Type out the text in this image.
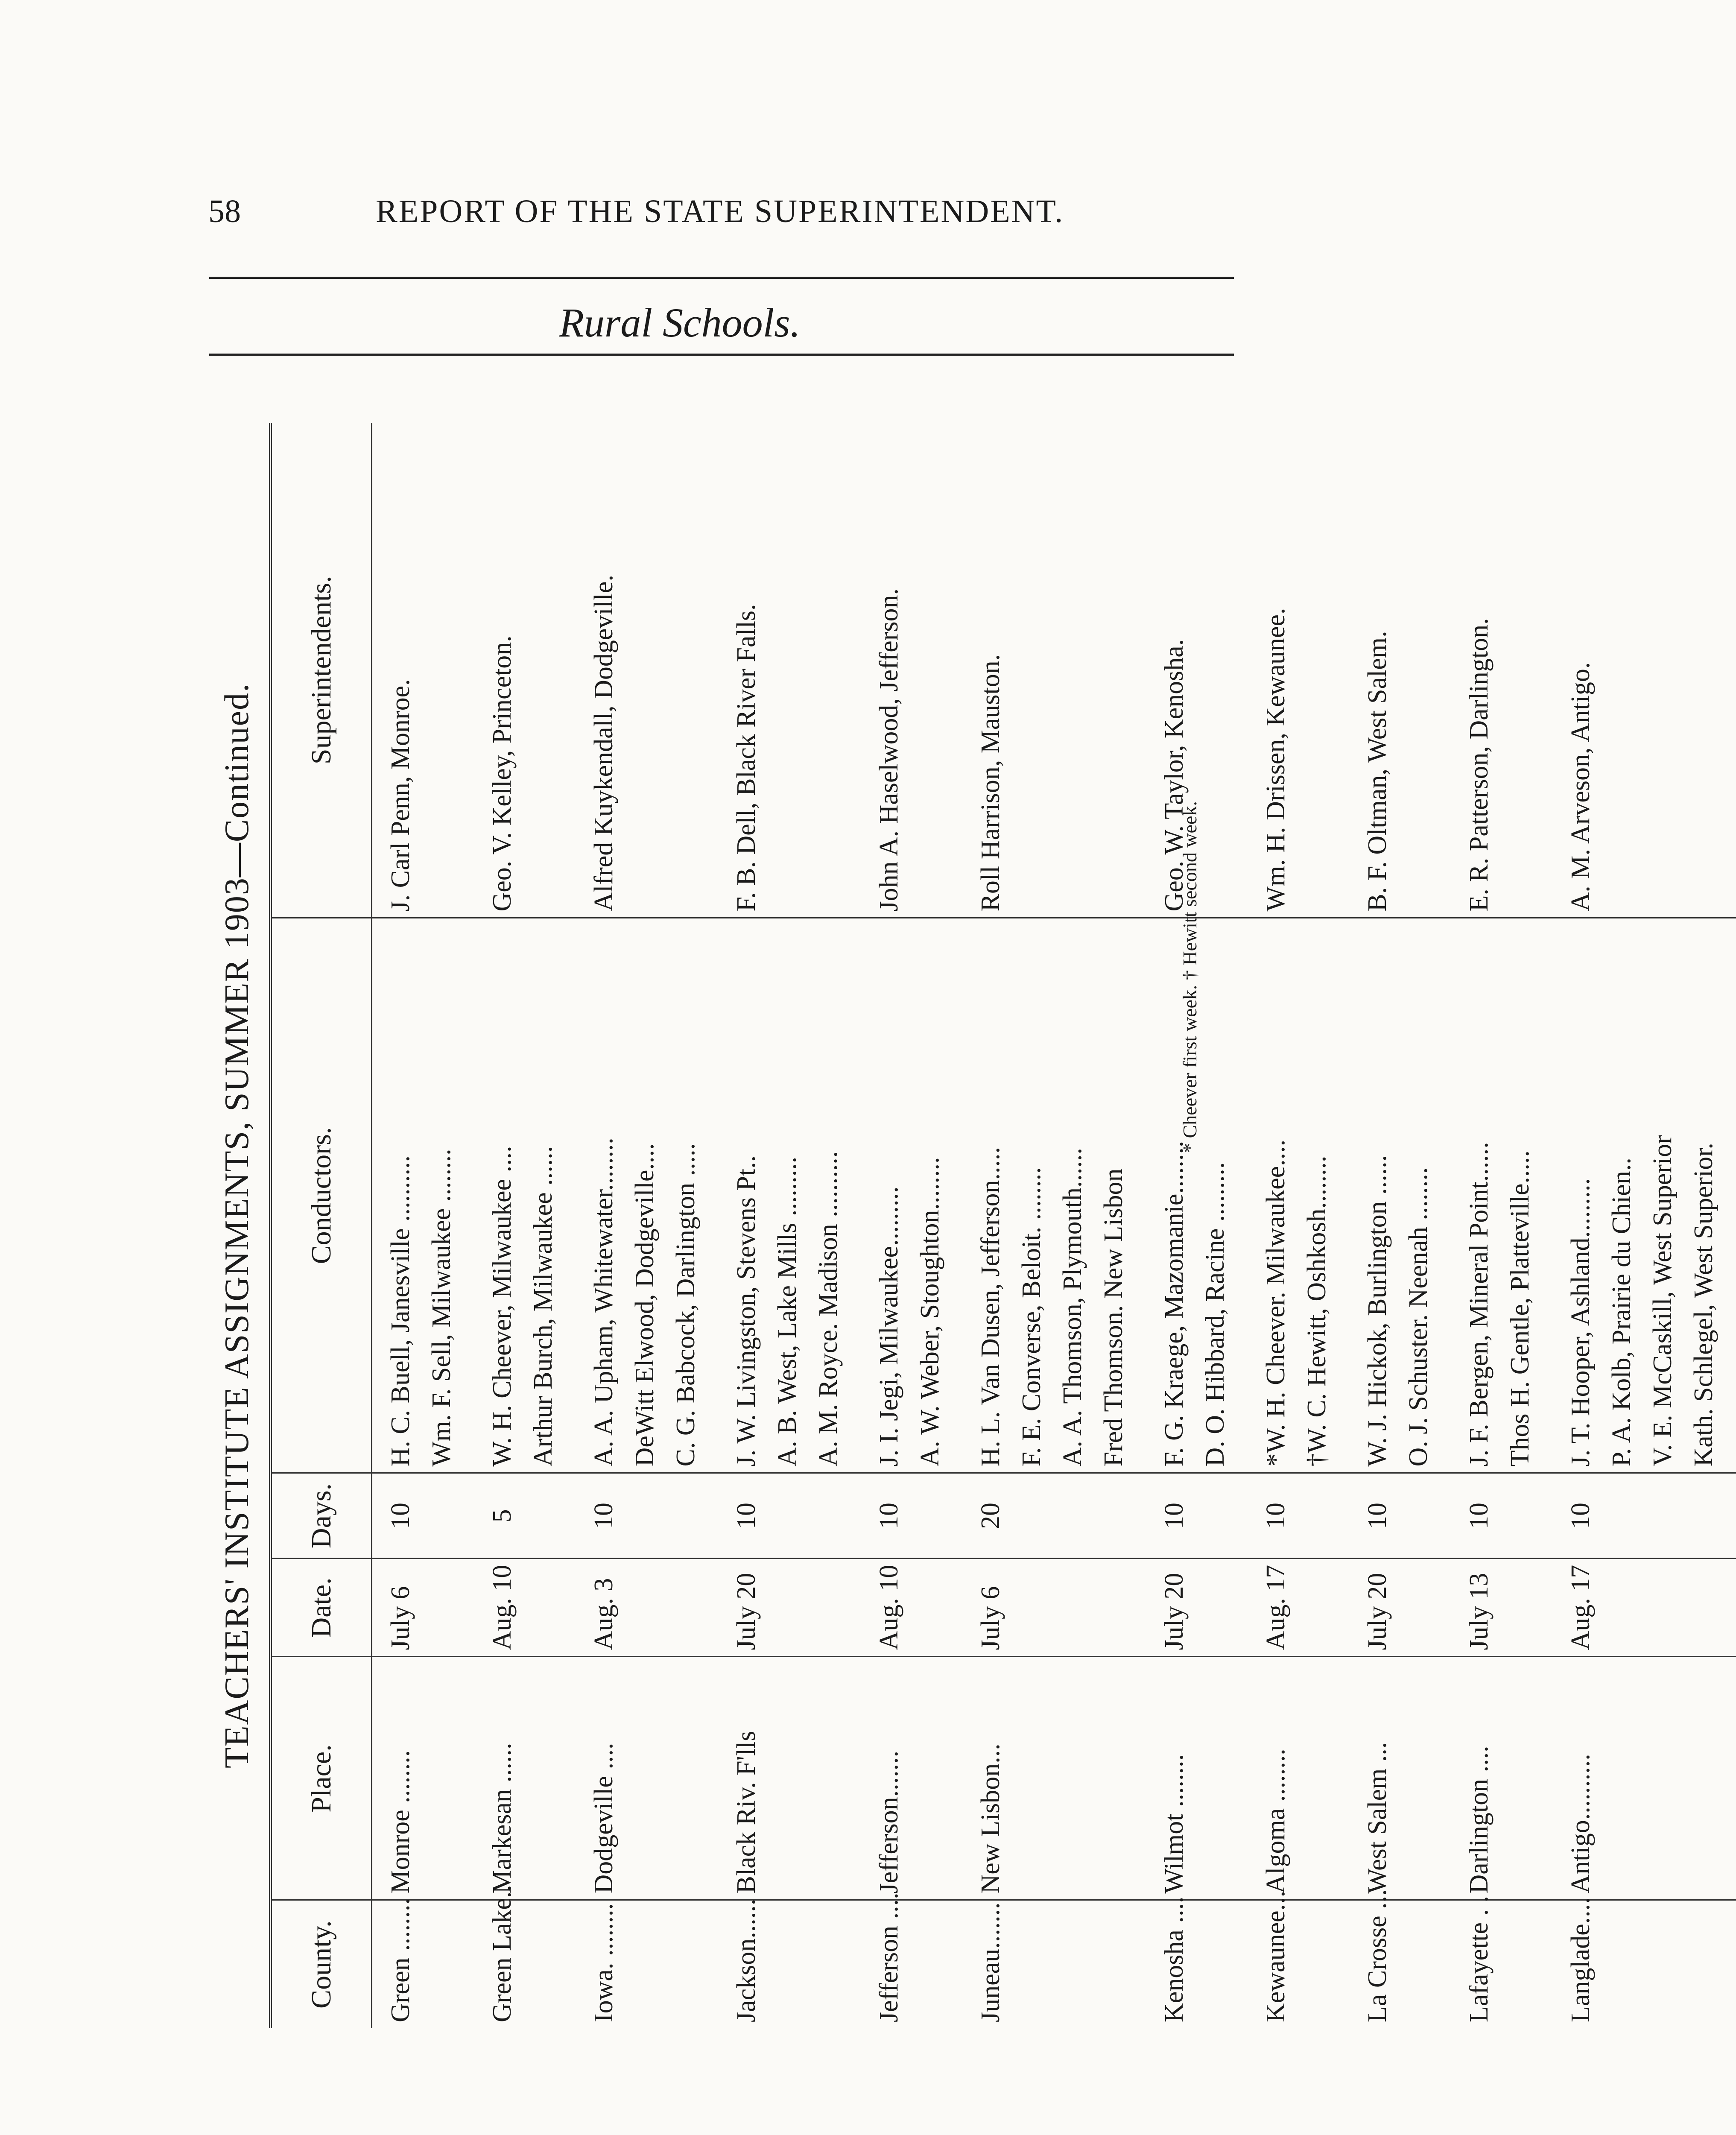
58	REPORT OF THE STATE SUPERINTENDENT.
Rural Schools.
TEACHERS' INSTITUTE ASSIGNMENTS, SUMMER 1903—Continued.
County.	Place.	Date.	Days.	Conductors.	Superintendents.
Green ........	Monroe ........	July 6	10	H. C. Buell, Janesville .......... Wm. F. Sell, Milwaukee ........	J. Carl Penn, Monroe.
Green Lake..	Markesan ......	Aug. 10	5	W. H. Cheever, Milwaukee .... Arthur Burch, Milwaukee ......	Geo. V. Kelley, Princeton.
Iowa. ........	Dodgeville ....	Aug. 3	10	A. A. Upham, Whitewater........ DeWitt Elwood, Dodgeville.... C. G. Babcock, Darlington .....	Alfred Kuykendall, Dodgeville.
Jackson......	Black Riv. F'lls	July 20	10	J. W. Livingston, Stevens Pt.. A. B. West, Lake Mills ......... A. M. Royce. Madison ..........	F. B. Dell, Black River Falls.
Jefferson ....	Jefferson.......	Aug. 10	10	J. I. Jegi, Milwaukee......... A. W. Weber, Stoughton........	John A. Haselwood, Jefferson.
Juneau.......	New Lisbon...	July 6	20	H. L. Van Dusen, Jefferson..... F. E. Converse, Beloit. ........ A. A. Thomson, Plymouth...... Fred Thomson. New Lisbon	Roll Harrison, Mauston.
Kenosha ....	Wilmot ........	July 20	10	F. G. Kraege, Mazomanie........ D. O. Hibbard, Racine .........	Geo. W. Taylor, Kenosha.
Kewaunee...	Algoma ........	Aug. 17	10	*W. H. Cheever. Milwaukee.... †W. C. Hewitt, Oshkosh........	Wm. H. Drissen, Kewaunee.
La Crosse ...	West Salem ...	July 20	10	W. J. Hickok, Burlington ...... O. J. Schuster. Neenah ........	B. F. Oltman, West Salem.
Lafayette . .	Darlington ....	July 13	10	J. F. Bergen, Mineral Point...... Thos H. Gentle, Platteville.....	E. R. Patterson, Darlington.
Langlade....	Antigo..........	Aug. 17	10	J. T. Hooper, Ashland......... P. A. Kolb, Prairie du Chien.. V. E. McCaskill, West Superior Kath. Schlegel, West Superior.	A. M. Arveson, Antigo.
* Cheever first week. † Hewitt second week.
